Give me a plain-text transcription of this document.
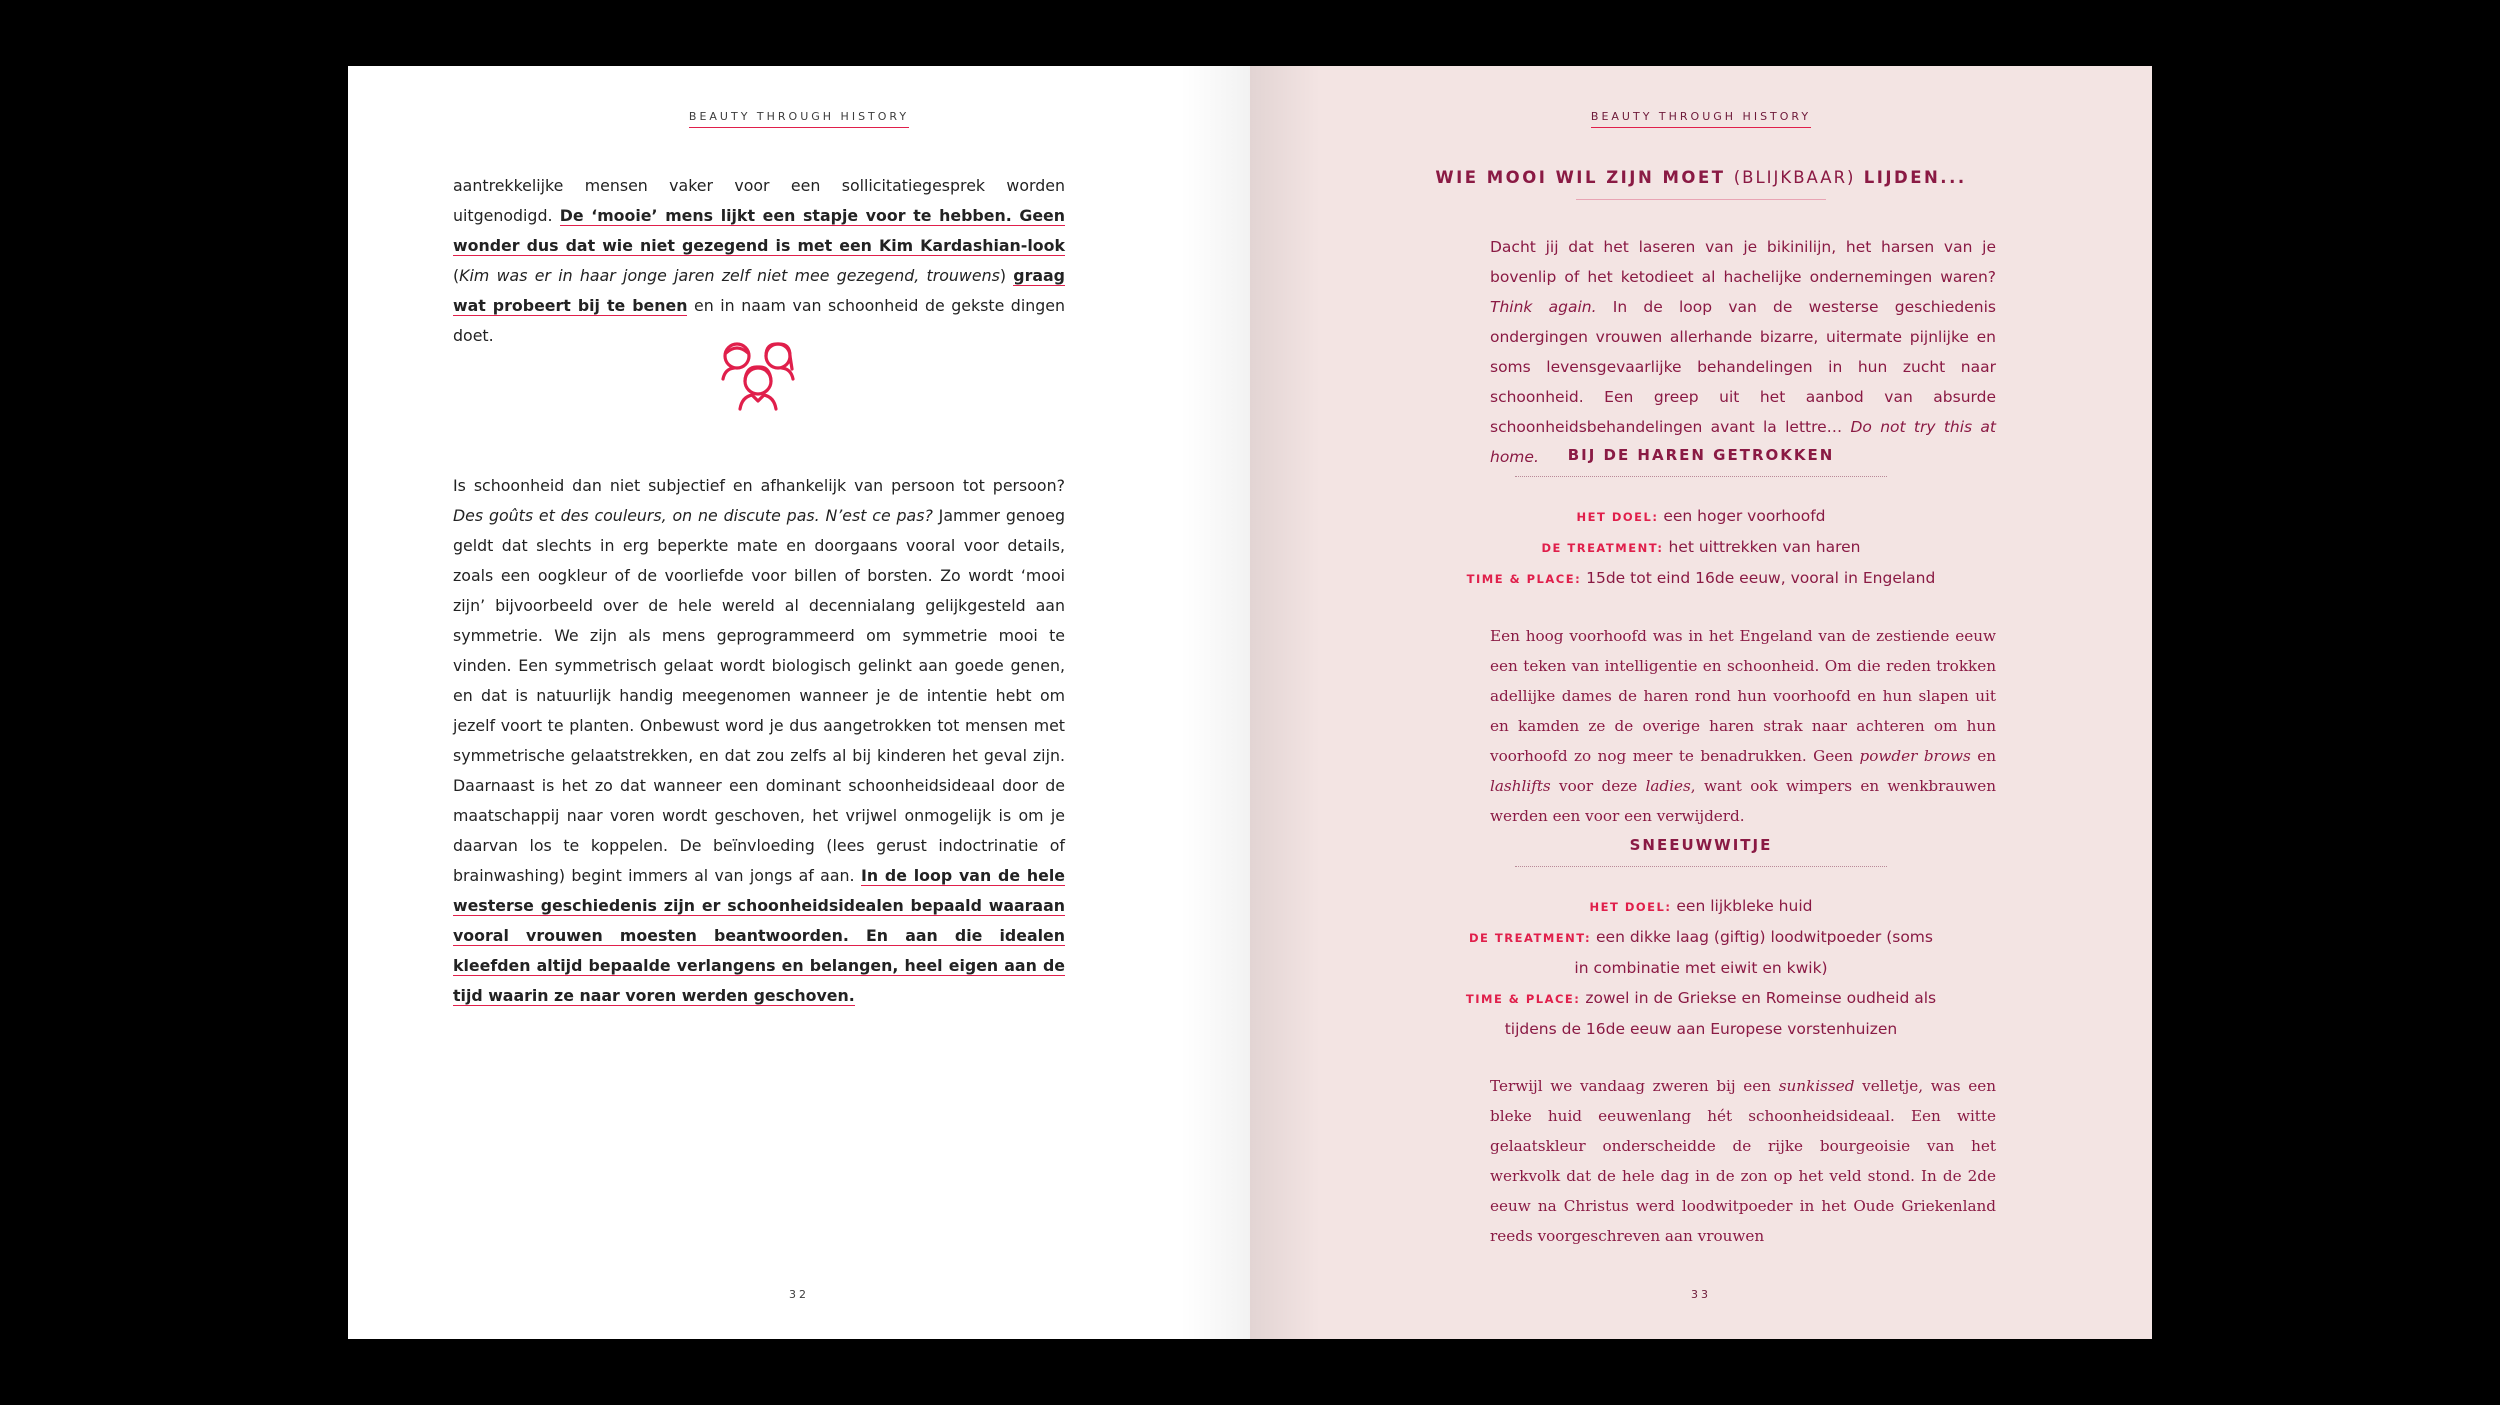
BEAUTY THROUGH HISTORY

aantrekkelijke mensen vaker voor een sollicitatiegesprek worden uitgenodigd. De ‘mooie’ mens lijkt een stapje voor te hebben. Geen wonder dus dat wie niet gezegend is met een Kim Kardashian-look (Kim was er in haar jonge jaren zelf niet mee gezegend, trouwens) graag wat probeert bij te benen en in naam van schoonheid de gekste dingen doet.

Is schoonheid dan niet subjectief en afhankelijk van persoon tot persoon? Des goûts et des couleurs, on ne discute pas. N’est ce pas? Jammer genoeg geldt dat slechts in erg beperkte mate en doorgaans vooral voor details, zoals een oogkleur of de voorliefde voor billen of borsten. Zo wordt ‘mooi zijn’ bijvoorbeeld over de hele wereld al decennialang gelijkgesteld aan symmetrie. We zijn als mens geprogrammeerd om symmetrie mooi te vinden. Een symmetrisch gelaat wordt biologisch gelinkt aan goede genen, en dat is natuurlijk handig meegenomen wanneer je de intentie hebt om jezelf voort te planten. Onbewust word je dus aangetrokken tot mensen met symmetrische gelaatstrekken, en dat zou zelfs al bij kinderen het geval zijn. Daarnaast is het zo dat wanneer een dominant schoonheidsideaal door de maatschappij naar voren wordt geschoven, het vrijwel onmogelijk is om je daarvan los te koppelen. De beïnvloeding (lees gerust indoctrinatie of brainwashing) begint immers al van jongs af aan. In de loop van de hele westerse geschiedenis zijn er schoonheidsidealen bepaald waaraan vooral vrouwen moesten beantwoorden. En aan die idealen kleefden altijd bepaalde verlangens en belangen, heel eigen aan de tijd waarin ze naar voren werden geschoven.

32
BEAUTY THROUGH HISTORY
WIE MOOI WIL ZIJN MOET (BLIJKBAAR) LIJDEN...
Dacht jij dat het laseren van je bikinilijn, het harsen van je bovenlip of het ketodieet al hachelijke ondernemingen waren? Think again. In de loop van de westerse geschiedenis ondergingen vrouwen allerhande bizarre, uitermate pijnlijke en soms levensgevaarlijke behandelingen in hun zucht naar schoonheid. Een greep uit het aanbod van absurde schoonheidsbehandelingen avant la lettre… Do not try this at home.	BIJ DE HAREN GETROKKEN
HET DOEL: een hoger voorhoofd
DE TREATMENT: het uittrekken van haren
TIME & PLACE: 15de tot eind 16de eeuw, vooral in Engeland
Een hoog voorhoofd was in het Engeland van de zestiende eeuw een teken van intelligentie en schoonheid. Om die reden trokken adellijke dames de haren rond hun voorhoofd en hun slapen uit en kamden ze de overige haren strak naar achteren om hun voorhoofd zo nog meer te benadrukken. Geen powder brows en lashlifts voor deze ladies, want ook wimpers en wenkbrauwen werden een voor een verwijderd.
SNEEUWWITJE
HET DOEL: een lijkbleke huid
DE TREATMENT: een dikke laag (giftig) loodwitpoeder (soms in combinatie met eiwit en kwik)
TIME & PLACE: zowel in de Griekse en Romeinse oudheid als tijdens de 16de eeuw aan Europese vorstenhuizen
Terwijl we vandaag zweren bij een sunkissed velletje, was een bleke huid eeuwenlang hét schoonheidsideaal. Een witte gelaatskleur onderscheidde de rijke bourgeoisie van het werkvolk dat de hele dag in de zon op het veld stond. In de 2de eeuw na Christus werd loodwitpoeder in het Oude Griekenland reeds voorgeschreven aan vrouwen
33
